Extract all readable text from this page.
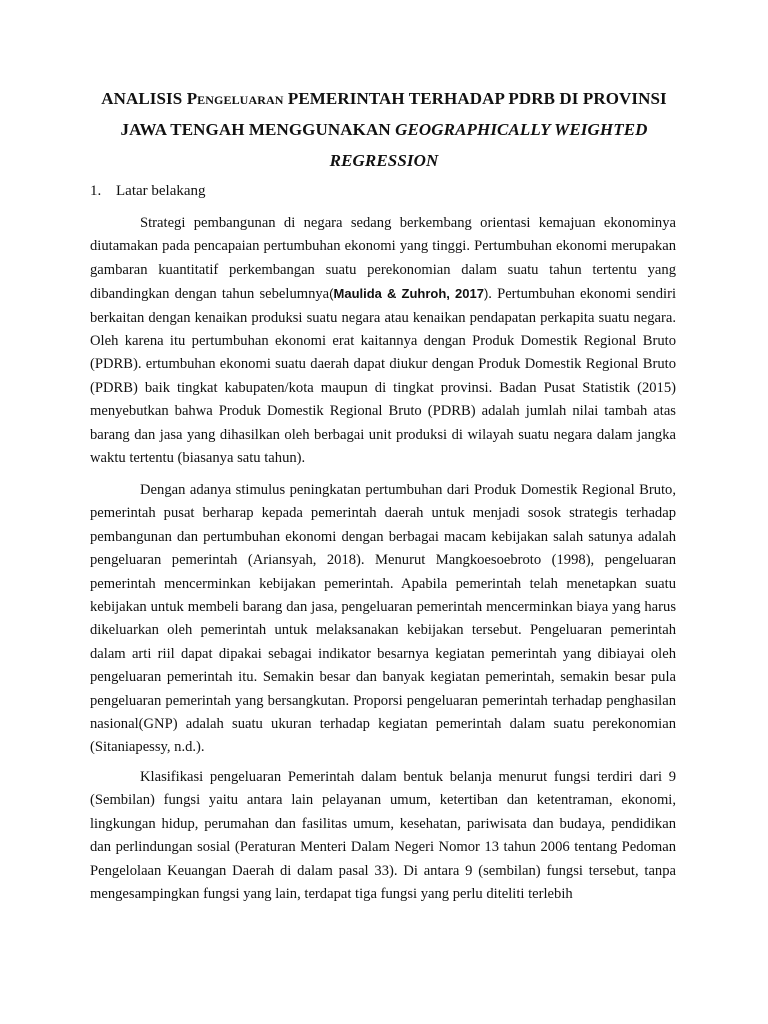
ANALISIS Pengeluaran PEMERINTAH TERHADAP PDRB DI PROVINSI JAWA TENGAH MENGGUNAKAN GEOGRAPHICALLY WEIGHTED REGRESSION
1. Latar belakang

Strategi pembangunan di negara sedang berkembang orientasi kemajuan ekonominya diutamakan pada pencapaian pertumbuhan ekonomi yang tinggi. Pertumbuhan ekonomi merupakan gambaran kuantitatif perkembangan suatu perekonomian dalam suatu tahun tertentu yang dibandingkan dengan tahun sebelumnya(Maulida & Zuhroh, 2017). Pertumbuhan ekonomi sendiri berkaitan dengan kenaikan produksi suatu negara atau kenaikan pendapatan perkapita suatu negara. Oleh karena itu pertumbuhan ekonomi erat kaitannya dengan Produk Domestik Regional Bruto (PDRB). ertumbuhan ekonomi suatu daerah dapat diukur dengan Produk Domestik Regional Bruto (PDRB) baik tingkat kabupaten/kota maupun di tingkat provinsi. Badan Pusat Statistik (2015) menyebutkan bahwa Produk Domestik Regional Bruto (PDRB) adalah jumlah nilai tambah atas barang dan jasa yang dihasilkan oleh berbagai unit produksi di wilayah suatu negara dalam jangka waktu tertentu (biasanya satu tahun).

Dengan adanya stimulus peningkatan pertumbuhan dari Produk Domestik Regional Bruto, pemerintah pusat berharap kepada pemerintah daerah untuk menjadi sosok strategis terhadap pembangunan dan pertumbuhan ekonomi dengan berbagai macam kebijakan salah satunya adalah pengeluaran pemerintah (Ariansyah, 2018). Menurut Mangkoesoebroto (1998), pengeluaran pemerintah mencerminkan kebijakan pemerintah. Apabila pemerintah telah menetapkan suatu kebijakan untuk membeli barang dan jasa, pengeluaran pemerintah mencerminkan biaya yang harus dikeluarkan oleh pemerintah untuk melaksanakan kebijakan tersebut. Pengeluaran pemerintah dalam arti riil dapat dipakai sebagai indikator besarnya kegiatan pemerintah yang dibiayai oleh pengeluaran pemerintah itu. Semakin besar dan banyak kegiatan pemerintah, semakin besar pula pengeluaran pemerintah yang bersangkutan. Proporsi pengeluaran pemerintah terhadap penghasilan nasional(GNP) adalah suatu ukuran terhadap kegiatan pemerintah dalam suatu perekonomian (Sitaniapessy, n.d.).

Klasifikasi pengeluaran Pemerintah dalam bentuk belanja menurut fungsi terdiri dari 9 (Sembilan) fungsi yaitu antara lain pelayanan umum, ketertiban dan ketentraman, ekonomi, lingkungan hidup, perumahan dan fasilitas umum, kesehatan, pariwisata dan budaya, pendidikan dan perlindungan sosial (Peraturan Menteri Dalam Negeri Nomor 13 tahun 2006 tentang Pedoman Pengelolaan Keuangan Daerah di dalam pasal 33). Di antara 9 (sembilan) fungsi tersebut, tanpa mengesampingkan fungsi yang lain, terdapat tiga fungsi yang perlu diteliti terlebih
